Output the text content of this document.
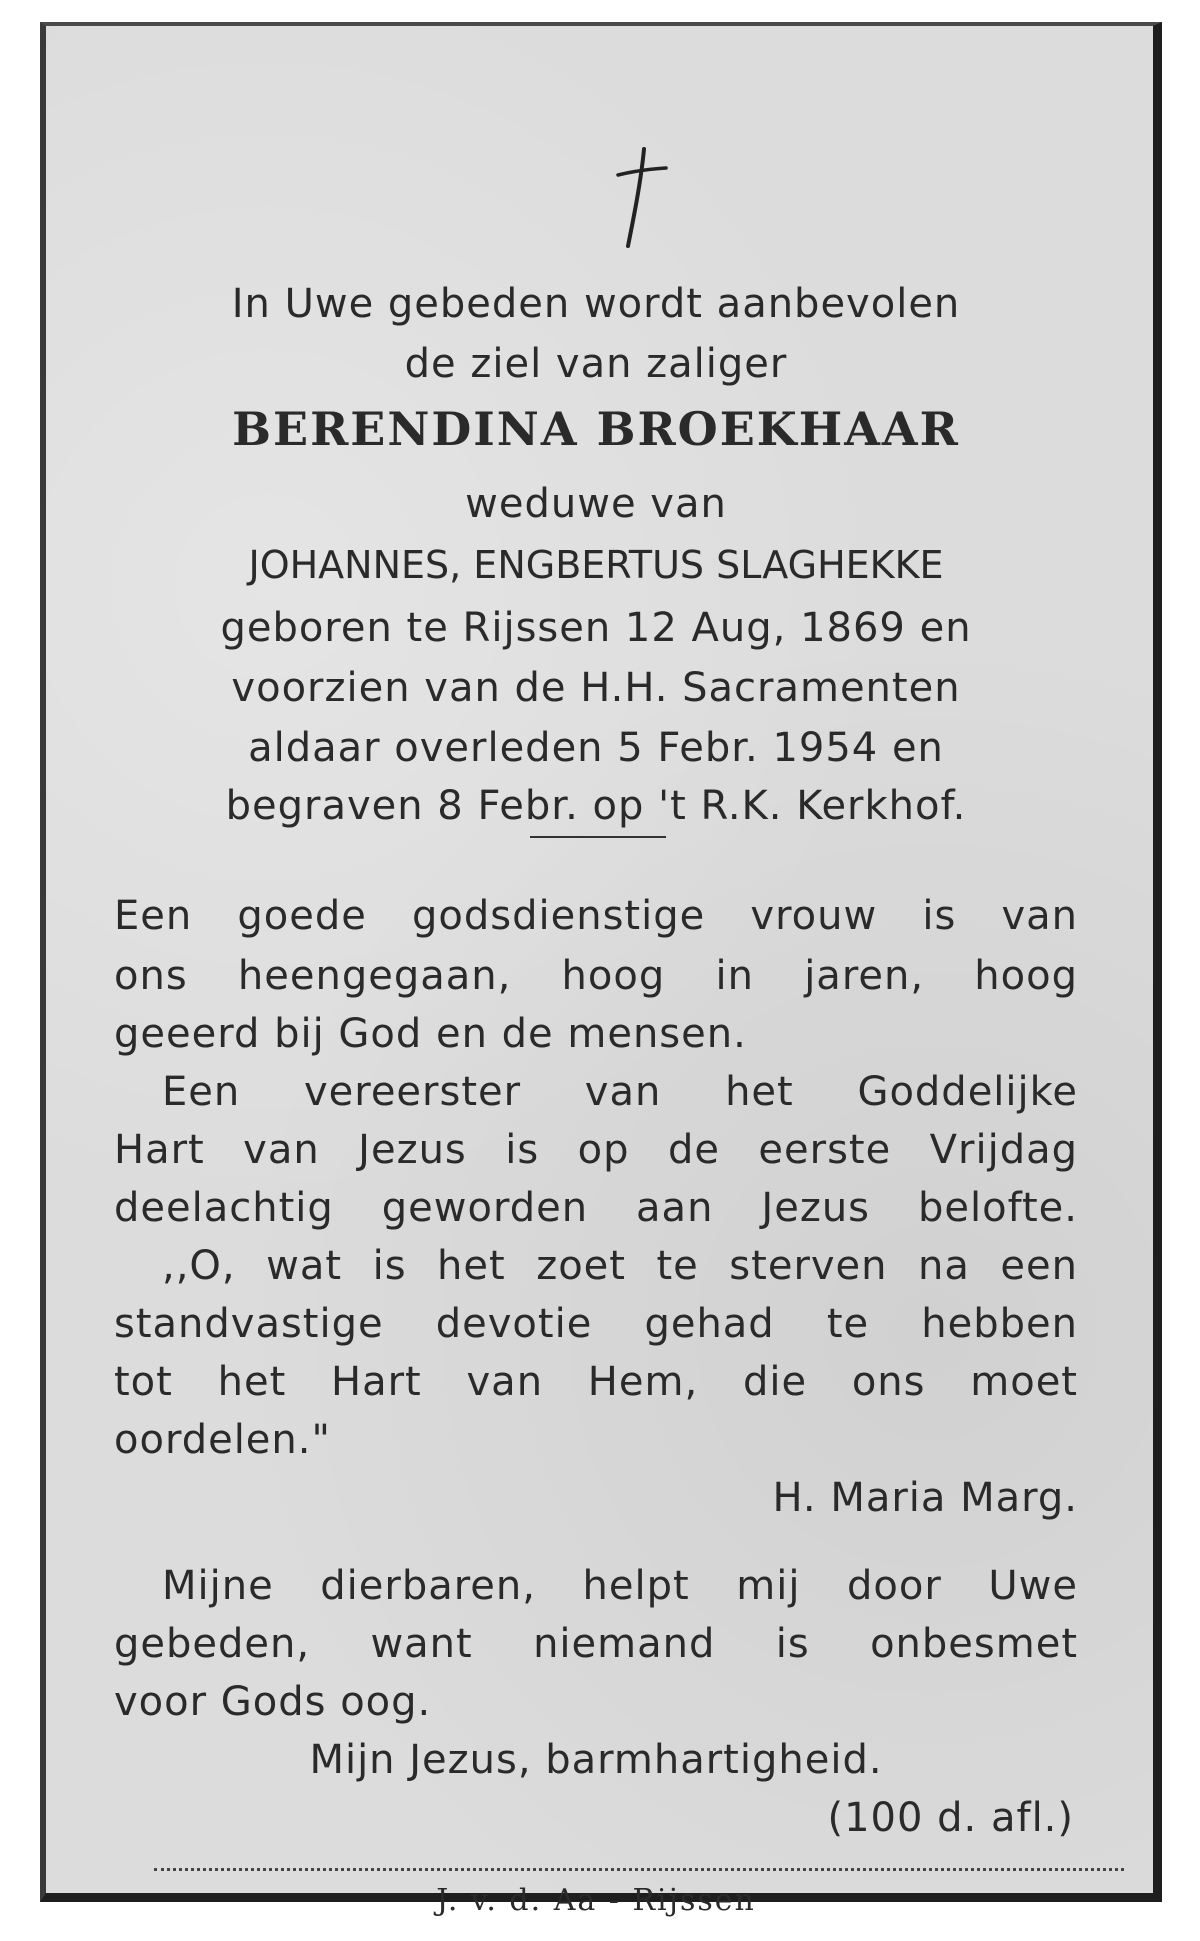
In Uwe gebeden wordt aanbevolen
de ziel van zaliger
BERENDINA BROEKHAAR
weduwe van
JOHANNES, ENGBERTUS SLAGHEKKE
geboren te Rijssen 12 Aug, 1869 en
voorzien van de H.H. Sacramenten
aldaar overleden 5 Febr. 1954 en
begraven 8 Febr. op 't R.K. Kerkhof.
Een goede godsdienstige vrouw is van
ons heengegaan, hoog in jaren, hoog
geeerd bij God en de mensen.
Een vereerster van het Goddelijke
Hart van Jezus is op de eerste Vrijdag
deelachtig geworden aan Jezus belofte.
,,O, wat is het zoet te sterven na een
standvastige devotie gehad te hebben
tot het Hart van Hem, die ons moet
oordelen."
H. Maria Marg.
Mijne dierbaren, helpt mij door Uwe
gebeden, want niemand is onbesmet
voor Gods oog.
Mijn Jezus, barmhartigheid.
(100 d. afl.)
J. v. d. Aa - Rijssen
